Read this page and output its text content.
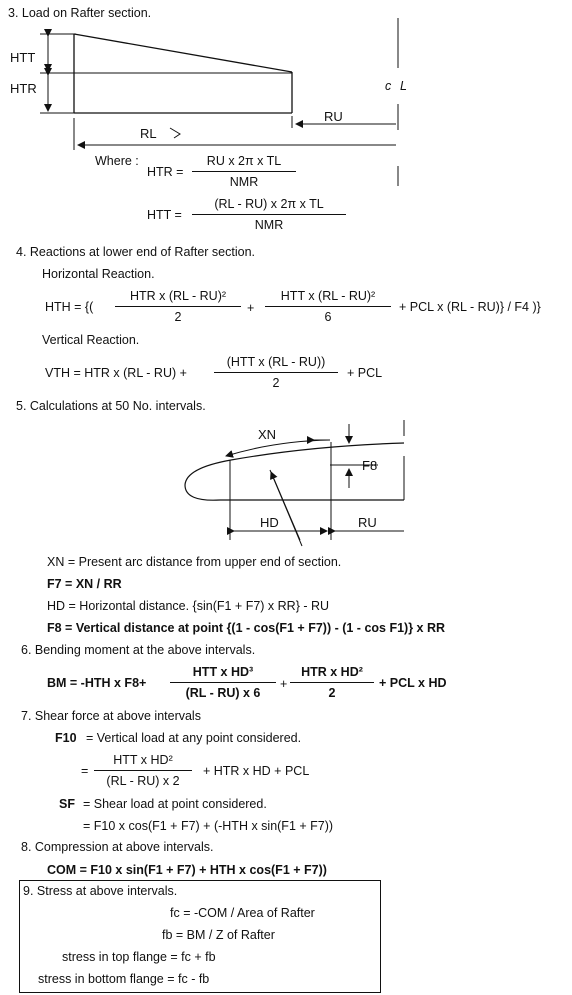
3. Load on Rafter section.
HTT
HTR	c L
RU
RL
Where :
HTR =
RU x 2π x TL
NMR
HTT =
(RL - RU) x 2π x TL
NMR
4. Reactions at lower end of Rafter section.
Horizontal Reaction.
HTH = {(
HTR x (RL - RU)²
2
+
HTT x (RL - RU)²
6
+ PCL x (RL - RU)} / F4 )}
Vertical Reaction.
VTH = HTR x (RL - RU) +
(HTT x (RL - RU))
2
+ PCL
5. Calculations at 50 No. intervals.
XN
F8
HD	RU
XN = Present arc distance from upper end of section.
F7 = XN / RR
HD = Horizontal distance. {sin(F1 + F7) x RR} - RU
F8 = Vertical distance at point {(1 - cos(F1 + F7)) - (1 - cos F1)} x RR
6. Bending moment at the above intervals.
BM = -HTH x F8+
HTT x HD³
(RL - RU) x 6
+
HTR x HD²
2
+ PCL x HD
7. Shear force at above intervals
F10 = Vertical load at any point considered.
=
HTT x HD²
(RL - RU) x 2
+ HTR x HD + PCL
SF = Shear load at point considered.
= F10 x cos(F1 + F7) + (-HTH x sin(F1 + F7))
8. Compression at above intervals.
COM = F10 x sin(F1 + F7) + HTH x cos(F1 + F7))
9. Stress at above intervals.
fc = -COM / Area of Rafter
fb = BM / Z of Rafter
stress in top flange = fc + fb
stress in bottom flange = fc - fb
